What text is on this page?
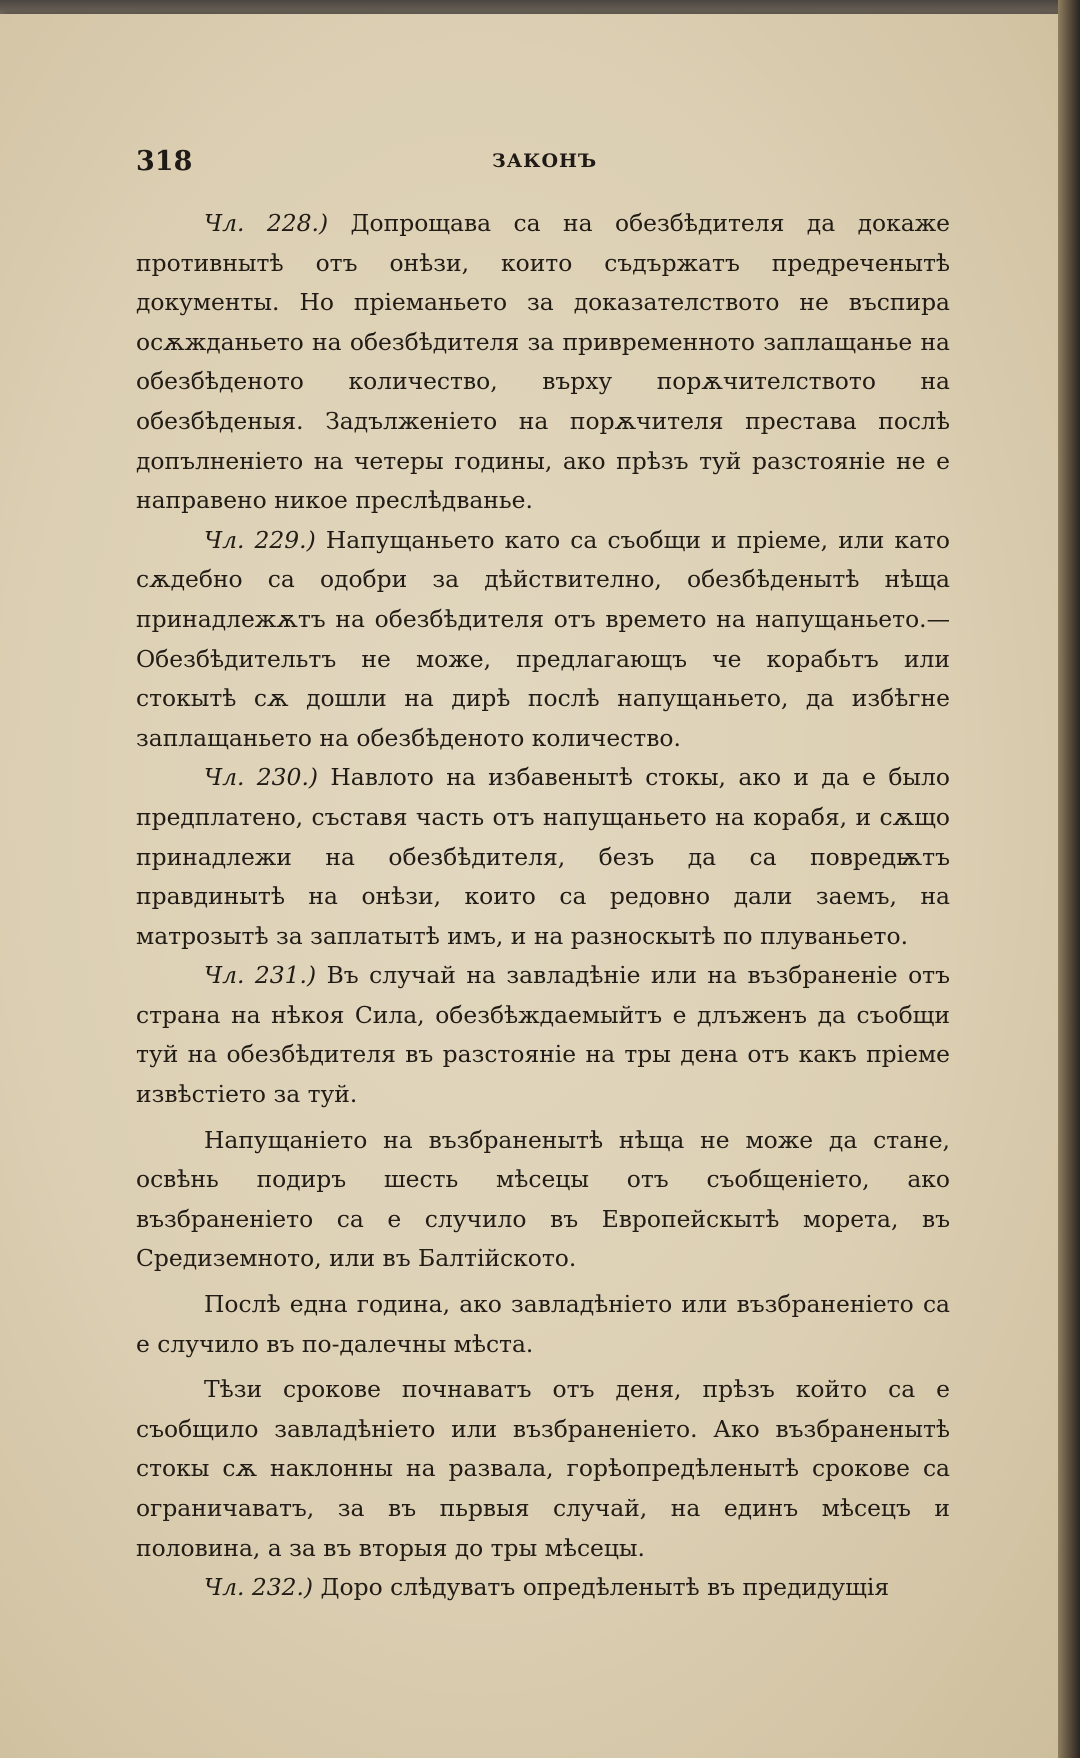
318	ЗАКОНЪ

Чл. 228.) Допрощава са на обезбѣдителя да докаже противнытѣ отъ онѣзи, които съдържатъ предреченытѣ документы. Но прiеманьето за доказателството не въспира осѫжданьето на обезбѣдителя за привременното заплащанье на обезбѣденото количество, върху порѫчителството на обезбѣденыя. Задълженiето на порѫчителя престава послѣ допълненiето на четеры годины, ако прѣзъ туй разстоянiе не е направено никое преслѣдванье.

Чл. 229.) Напущаньето като са съобщи и прiеме, или като сѫдебно са одобри за дѣйствително, обезбѣденытѣ нѣща принадлежѫтъ на обезбѣдителя отъ времето на напущаньето.— Обезбѣдительтъ не може, предлагающъ че корабьтъ или стокытѣ сѫ дошли на дирѣ послѣ напущаньето, да избѣгне заплащаньето на обезбѣденото количество.

Чл. 230.) Навлото на избавенытѣ стокы, ако и да е было предплатено, съставя часть отъ напущаньето на корабя, и сѫщо принадлежи на обезбѣдителя, безъ да са повредѭтъ правдинытѣ на онѣзи, които са редовно дали заемъ, на матрозытѣ за заплатытѣ имъ, и на разноскытѣ по плуваньето.

Чл. 231.) Въ случай на завладѣнiе или на възбраненiе отъ страна на нѣкоя Сила, обезбѣждаемыйтъ е длъженъ да съобщи туй на обезбѣдителя въ разстоянiе на тры дена отъ какъ прiеме извѣстiето за туй.

Напущанiето на възбраненытѣ нѣща не може да стане, освѣнь подиръ шесть мѣсецы отъ съобщенiето, ако възбраненiето са е случило въ Европейскытѣ морета, въ Средиземното, или въ Балтiйското.

Послѣ една година, ако завладѣнiето или възбраненiето са е случило въ по-далечны мѣста.

Тѣзи срокове почнаватъ отъ деня, прѣзъ който са е съобщило завладѣнiето или възбраненiето. Ако възбраненытѣ стокы сѫ наклонны на развала, горѣопредѣленытѣ срокове са ограничаватъ, за въ пьрвыя случай, на единъ мѣсецъ и половина, а за въ вторыя до тры мѣсецы.

Чл. 232.) Доро слѣдуватъ опредѣленытѣ въ предидущiя
